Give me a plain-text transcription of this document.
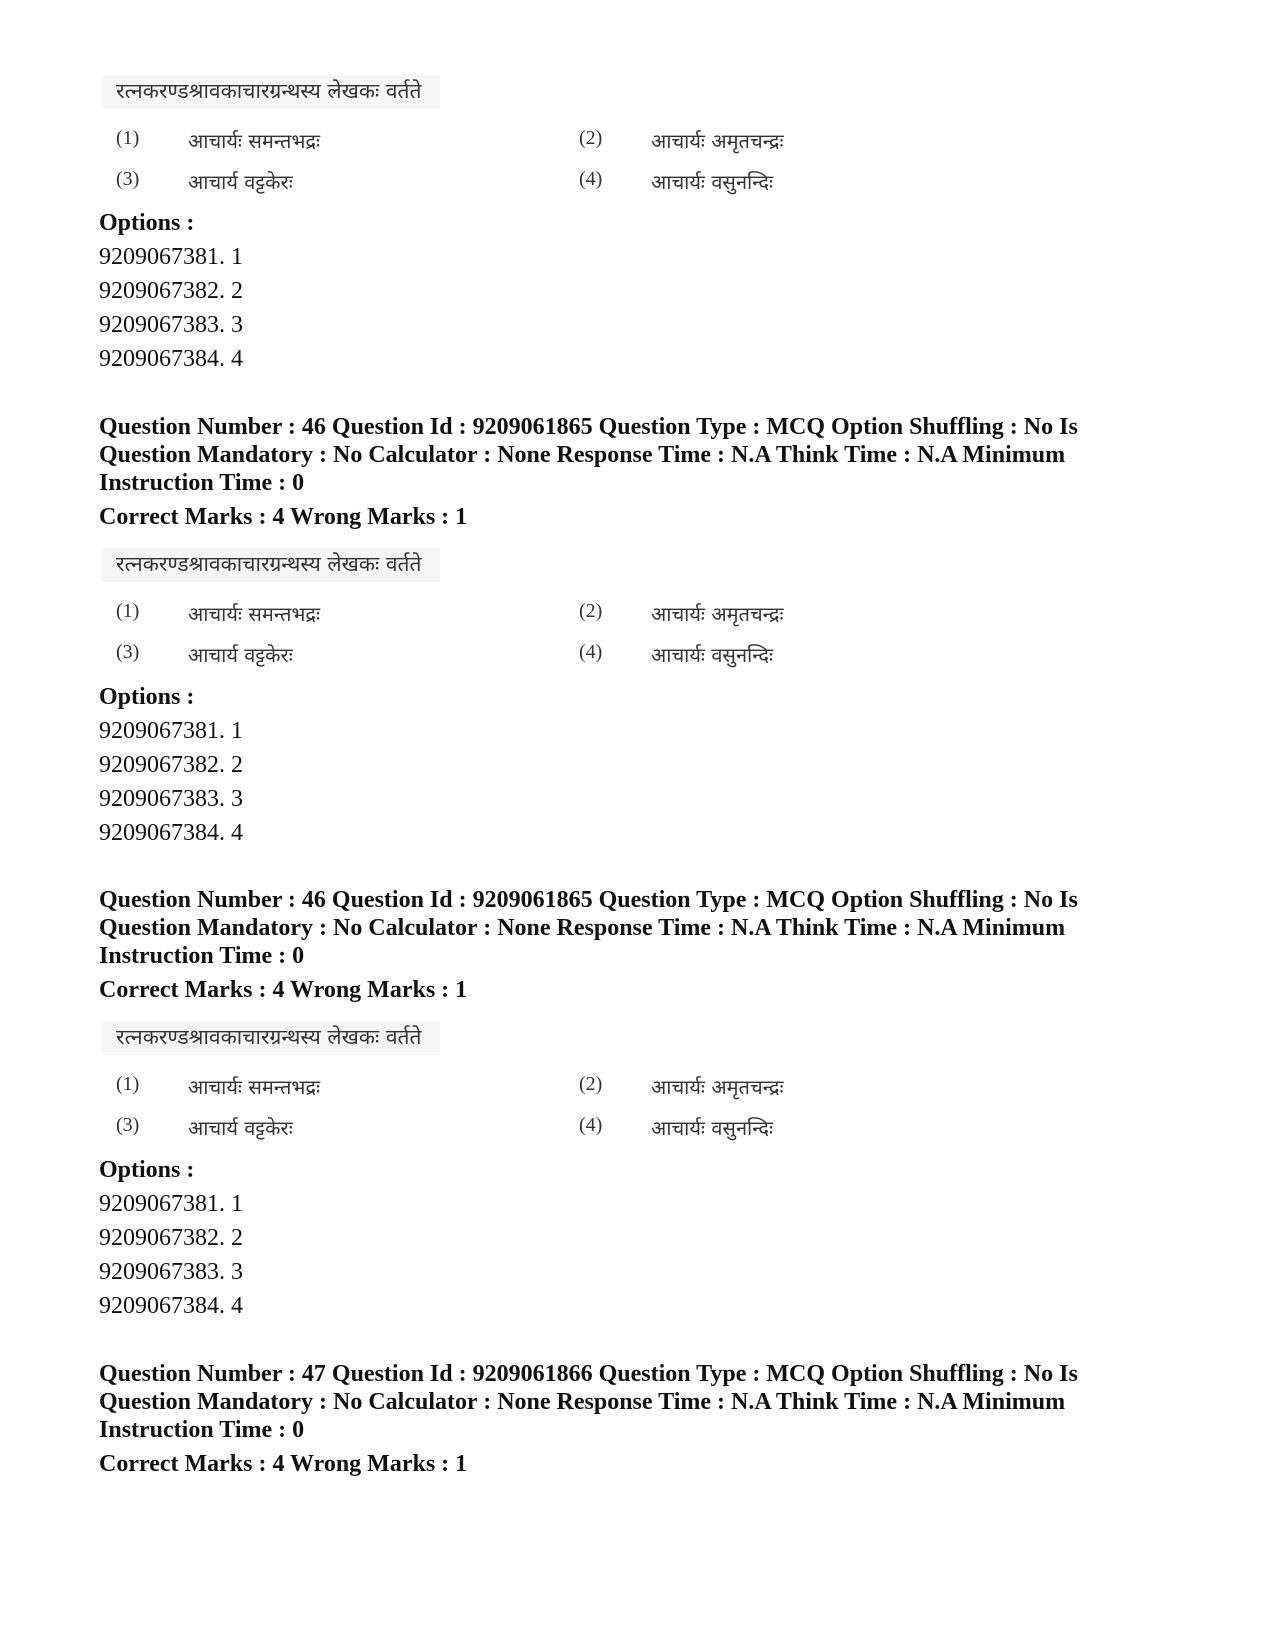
रत्नकरण्डश्रावकाचारग्रन्थस्य लेखकः वर्तते
(1)	आचार्यः समन्तभद्रः	(2)	आचार्यः अमृतचन्द्रः
(3)	आचार्य वट्टकेरः	(4)	आचार्यः वसुनन्दिः
Options :
9209067381. 1
9209067382. 2
9209067383. 3
9209067384. 4
Question Number : 46 Question Id : 9209061865 Question Type : MCQ Option Shuffling : No Is
Question Mandatory : No Calculator : None Response Time : N.A Think Time : N.A Minimum
Instruction Time : 0
Correct Marks : 4 Wrong Marks : 1
रत्नकरण्डश्रावकाचारग्रन्थस्य लेखकः वर्तते
(1)	आचार्यः समन्तभद्रः	(2)	आचार्यः अमृतचन्द्रः
(3)	आचार्य वट्टकेरः	(4)	आचार्यः वसुनन्दिः
Options :
9209067381. 1
9209067382. 2
9209067383. 3
9209067384. 4
Question Number : 46 Question Id : 9209061865 Question Type : MCQ Option Shuffling : No Is
Question Mandatory : No Calculator : None Response Time : N.A Think Time : N.A Minimum
Instruction Time : 0
Correct Marks : 4 Wrong Marks : 1
रत्नकरण्डश्रावकाचारग्रन्थस्य लेखकः वर्तते
(1)	आचार्यः समन्तभद्रः	(2)	आचार्यः अमृतचन्द्रः
(3)	आचार्य वट्टकेरः	(4)	आचार्यः वसुनन्दिः
Options :
9209067381. 1
9209067382. 2
9209067383. 3
9209067384. 4
Question Number : 47 Question Id : 9209061866 Question Type : MCQ Option Shuffling : No Is
Question Mandatory : No Calculator : None Response Time : N.A Think Time : N.A Minimum
Instruction Time : 0
Correct Marks : 4 Wrong Marks : 1
